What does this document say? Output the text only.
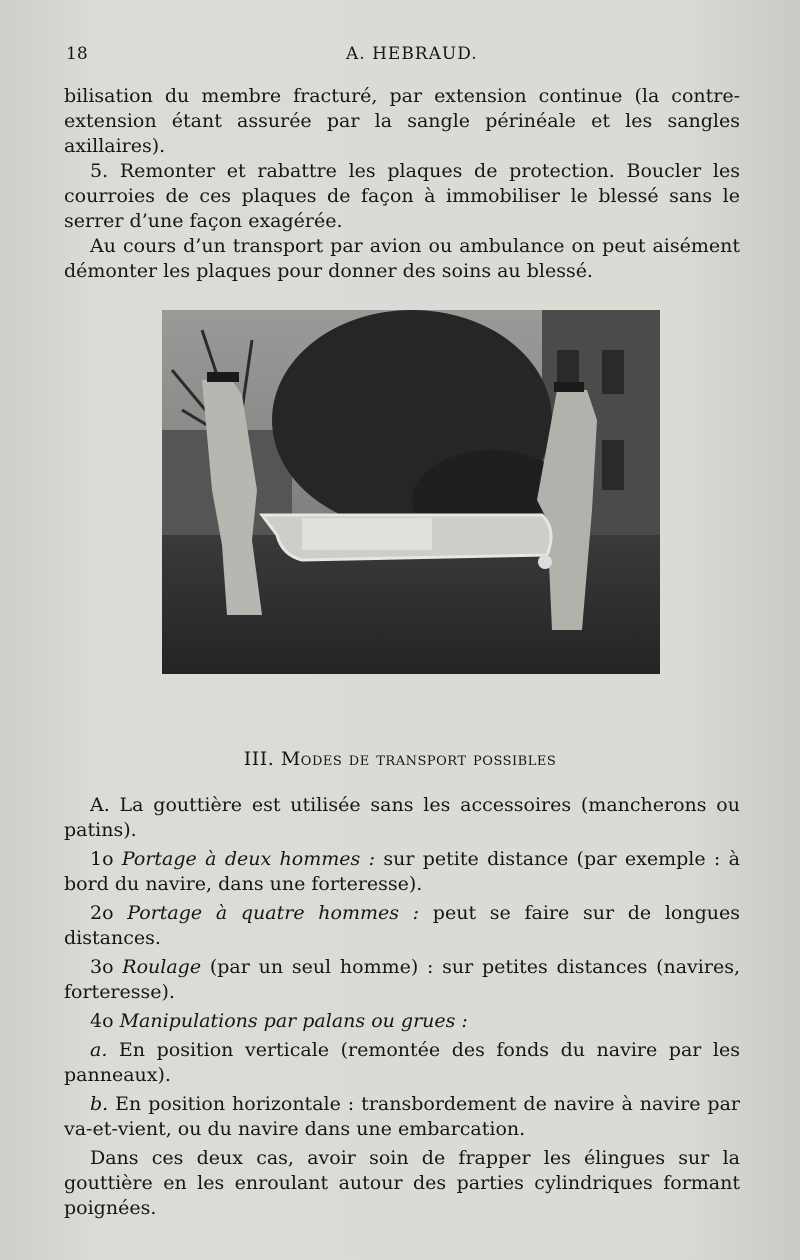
18	A. HEBRAUD.

bilisation du membre fracturé, par extension continue (la contre-extension étant assurée par la sangle périnéale et les sangles axillaires).

5. Remonter et rabattre les plaques de protection. Boucler les courroies de ces plaques de façon à immobiliser le blessé sans le serrer d’une façon exagérée.

Au cours d’un transport par avion ou ambulance on peut aisément démonter les plaques pour donner des soins au blessé.

III. Modes de transport possibles

A. La gouttière est utilisée sans les accessoires (mancherons ou patins).

1o Portage à deux hommes : sur petite distance (par exemple : à bord du navire, dans une forteresse).

2o Portage à quatre hommes : peut se faire sur de longues distances.

3o Roulage (par un seul homme) : sur petites distances (navires, forteresse).

4o Manipulations par palans ou grues :

a. En position verticale (remontée des fonds du navire par les panneaux).

b. En position horizontale : transbordement de navire à navire par va-et-vient, ou du navire dans une embarcation.

Dans ces deux cas, avoir soin de frapper les élingues sur la gouttière en les enroulant autour des parties cylindriques formant poignées.
